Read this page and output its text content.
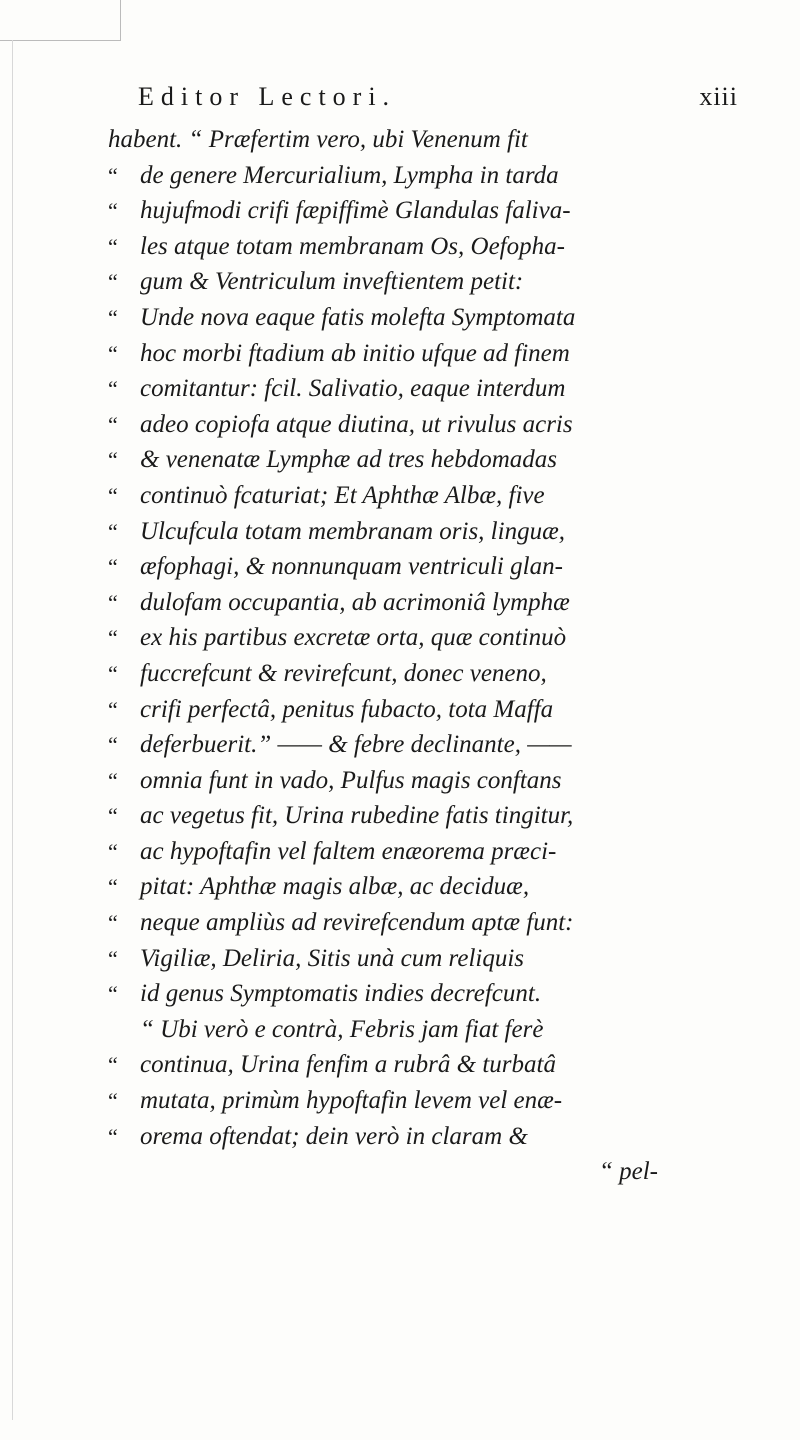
Editor Lectori.	xiii
habent. “ Præfertim vero, ubi Venenum fit
“ de genere Mercurialium, Lympha in tarda
“ hujufmodi crifi fæpiffimè Glandulas faliva-
“ les atque totam membranam Os, Oefopha-
“ gum & Ventriculum inveftientem petit:
“ Unde nova eaque fatis molefta Symptomata
“ hoc morbi ftadium ab initio ufque ad finem
“ comitantur: fcil. Salivatio, eaque interdum
“ adeo copiofa atque diutina, ut rivulus acris
“ & venenatæ Lymphæ ad tres hebdomadas
“ continuò fcaturiat; Et Aphthæ Albæ, five
“ Ulcufcula totam membranam oris, linguæ,
“ æfophagi, & nonnunquam ventriculi glan-
“ dulofam occupantia, ab acrimoniâ lymphæ
“ ex his partibus excretæ orta, quæ continuò
“ fuccrefcunt & revirefcunt, donec veneno,
“ crifi perfectâ, penitus fubacto, tota Maffa
“ deferbuerit.” —— & febre declinante, ——
“ omnia funt in vado, Pulfus magis conftans
“ ac vegetus fit, Urina rubedine fatis tingitur,
“ ac hypoftafin vel faltem enæorema præci-
“ pitat: Aphthæ magis albæ, ac deciduæ,
“ neque ampliùs ad revirefcendum aptæ funt:
“ Vigiliæ, Deliria, Sitis unà cum reliquis
“ id genus Symptomatis indies decrefcunt.
“ Ubi verò e contrà, Febris jam fiat ferè
“ continua, Urina fenfim a rubrâ & turbatâ
“ mutata, primùm hypoftafin levem vel enæ-
“ orema oftendat; dein verò in claram &
“ pel-
